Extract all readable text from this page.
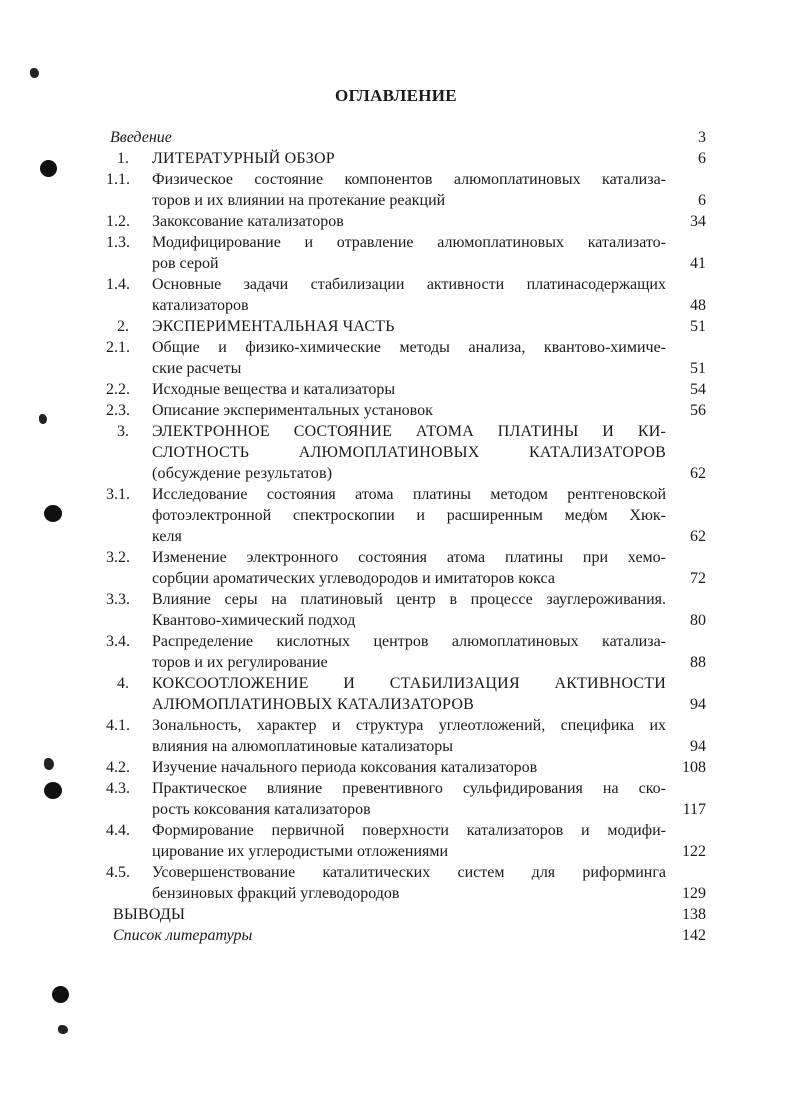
ОГЛАВЛЕНИЕ
Введение	3
1.	ЛИТЕРАТУРНЫЙ ОБЗОР	6
1.1.	Физическое состояние компонентов алюмоплатиновых катализа-
торов и их влиянии на протекание реакций	6
1.2.	Закоксование катализаторов	34
1.3.	Модифицирование и отравление алюмоплатиновых катализато-
ров серой	41
1.4.	Основные задачи стабилизации активности платинасодержащих
катализаторов	48
2.	ЭКСПЕРИМЕНТАЛЬНАЯ ЧАСТЬ	51
2.1.	Общие и физико-химические методы анализа, квантово-химиче-
ские расчеты	51
2.2.	Исходные вещества и катализаторы	54
2.3.	Описание экспериментальных установок	56
3.	ЭЛЕКТРОННОЕ СОСТОЯНИЕ АТОМА ПЛАТИНЫ И КИ-
СЛОТНОСТЬ АЛЮМОПЛАТИНОВЫХ КАТАЛИЗАТОРОВ
(обсуждение результатов)	62
3.1.	Исследование состояния атома платины методом рентгеновской
фотоэлектронной спектроскопии и расширенным мед̸ом Хюк-
келя	62
3.2.	Изменение электронного состояния атома платины при хемо-
сорбции ароматических углеводородов и имитаторов кокса	72
3.3.	Влияние серы на платиновый центр в процессе зауглероживания.
Квантово-химический подход	80
3.4.	Распределение кислотных центров алюмоплатиновых катализа-
торов и их регулирование	88
4.	КОКСООТЛОЖЕНИЕ И СТАБИЛИЗАЦИЯ АКТИВНОСТИ
АЛЮМОПЛАТИНОВЫХ КАТАЛИЗАТОРОВ	94
4.1.	Зональность, характер и структура углеотложений, специфика их
влияния на алюмоплатиновые катализаторы	94
4.2.	Изучение начального периода коксования катализаторов	108
4.3.	Практическое влияние превентивного сульфидирования на ско-
рость коксования катализаторов	117
4.4.	Формирование первичной поверхности катализаторов и модифи-
цирование их углеродистыми отложениями	122
4.5.	Усовершенствование каталитических систем для риформинга
бензиновых фракций углеводородов	129
ВЫВОДЫ	138
Список литературы	142
